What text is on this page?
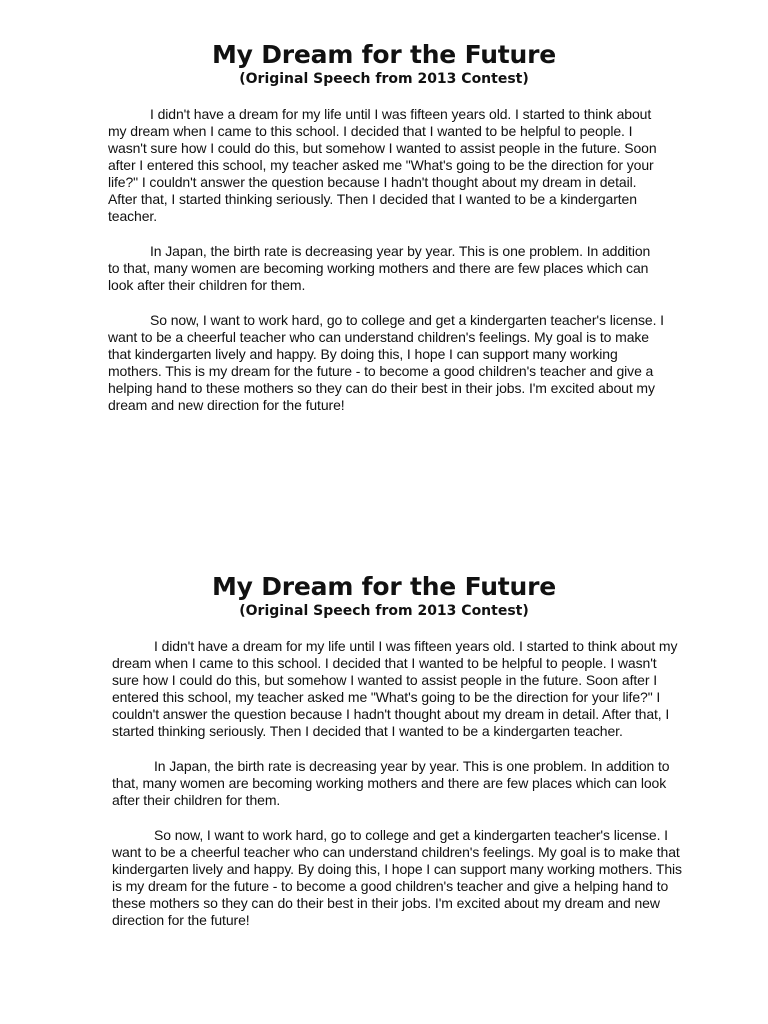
My Dream for the Future

(Original Speech from 2013 Contest)

I didn't have a dream for my life until I was fifteen years old. I started to think about my dream when I came to this school. I decided that I wanted to be helpful to people. I wasn't sure how I could do this, but somehow I wanted to assist people in the future. Soon after I entered this school, my teacher asked me "What's going to be the direction for your life?" I couldn't answer the question because I hadn't thought about my dream in detail. After that, I started thinking seriously. Then I decided that I wanted to be a kindergarten teacher.

In Japan, the birth rate is decreasing year by year. This is one problem. In addition to that, many women are becoming working mothers and there are few places which can look after their children for them.

So now, I want to work hard, go to college and get a kindergarten teacher's license. I want to be a cheerful teacher who can understand children's feelings. My goal is to make that kindergarten lively and happy. By doing this, I hope I can support many working mothers. This is my dream for the future - to become a good children's teacher and give a helping hand to these mothers so they can do their best in their jobs. I'm excited about my dream and new direction for the future!

My Dream for the Future

(Original Speech from 2013 Contest)

I didn't have a dream for my life until I was fifteen years old. I started to think about my dream when I came to this school. I decided that I wanted to be helpful to people. I wasn't sure how I could do this, but somehow I wanted to assist people in the future. Soon after I entered this school, my teacher asked me "What's going to be the direction for your life?" I couldn't answer the question because I hadn't thought about my dream in detail. After that, I started thinking seriously. Then I decided that I wanted to be a kindergarten teacher.

In Japan, the birth rate is decreasing year by year. This is one problem. In addition to that, many women are becoming working mothers and there are few places which can look after their children for them.

So now, I want to work hard, go to college and get a kindergarten teacher's license. I want to be a cheerful teacher who can understand children's feelings. My goal is to make that kindergarten lively and happy. By doing this, I hope I can support many working mothers. This is my dream for the future - to become a good children's teacher and give a helping hand to these mothers so they can do their best in their jobs. I'm excited about my dream and new direction for the future!
